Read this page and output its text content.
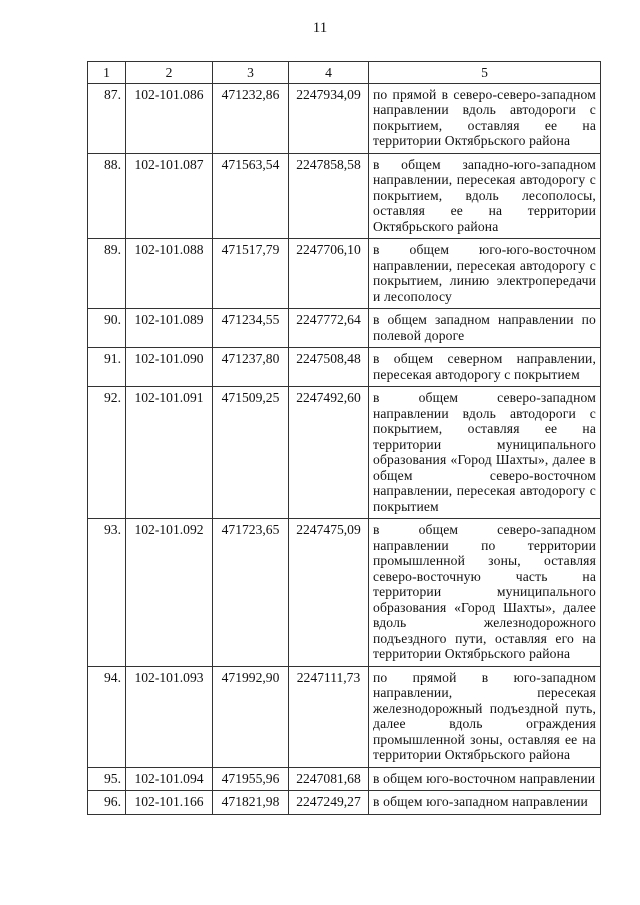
11
1	2	3	4	5
87.	102-101.086	471232,86	2247934,09	по прямой в северо-северо-западном направлении вдоль автодороги с покрытием, оставляя ее на территории Октябрьского района
88.	102-101.087	471563,54	2247858,58	в общем западно-юго-западном направлении, пересекая автодорогу с покрытием, вдоль лесополосы, оставляя ее на территории Октябрьского района
89.	102-101.088	471517,79	2247706,10	в общем юго-юго-восточном направлении, пересекая автодорогу с покрытием, линию электропередачи и лесополосу
90.	102-101.089	471234,55	2247772,64	в общем западном направлении по полевой дороге
91.	102-101.090	471237,80	2247508,48	в общем северном направлении, пересекая автодорогу с покрытием
92.	102-101.091	471509,25	2247492,60	в общем северо-западном направлении вдоль автодороги с покрытием, оставляя ее на территории муниципального образования «Город Шахты», далее в общем северо-восточном направлении, пересекая автодорогу с покрытием
93.	102-101.092	471723,65	2247475,09	в общем северо-западном направлении по территории промышленной зоны, оставляя северо-восточную часть на территории муниципального образования «Город Шахты», далее вдоль железнодорожного подъездного пути, оставляя его на территории Октябрьского района
94.	102-101.093	471992,90	2247111,73	по прямой в юго-западном направлении, пересекая железнодорожный подъездной путь, далее вдоль ограждения промышленной зоны, оставляя ее на территории Октябрьского района
95.	102-101.094	471955,96	2247081,68	в общем юго-восточном направлении
96.	102-101.166	471821,98	2247249,27	в общем юго-западном направлении
